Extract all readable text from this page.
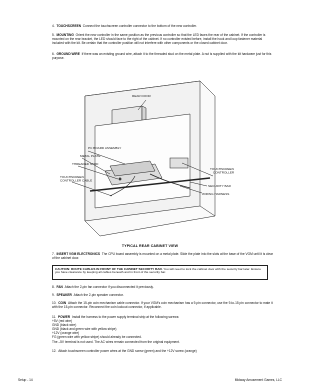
4. TOUCHSCREEN Connect the touchscreen controller connector to the bottom of the new controller.

5. MOUNTING Orient the new controller in the same position as the previous controller so that the LED faces the rear of the cabinet. If the controller is mounted on the rear bracket, the LED should face to the right of the cabinet. If no controller existed before, install the hook and loop fastener material included with the kit. Be certain that the controller position will not interfere with other components or the closed cabinet door.

6. GROUND WIRE If there was an existing ground wire, attach it to the threaded stud on the metal plate. A nut is supplied with the kit hardware just for this purpose.

REAR DOOR
PC BOARD ASSEMBLY
METAL PLATE
THREADED STUD
TOUCHSCREEN CONTROLLER CABLE
TOUCHSCREEN CONTROLLER
SECURITY BAR
WIRING HARNESS
TYPICAL REAR CABINET VIEW

7. INSERT VGM ELECTRONICS The CPU board assembly is mounted on a metal plate. Slide the plate into the slots at the base of the VGM until it is clear of the cabinet door.

CAUTION: ROUTE CABLES IN FRONT OF THE CABINET SECURITY BAR. You will need to lock the cabinet door with the security bar later. Ensure you have clearance by keeping all cables beneath and in front of the security bar.

8. FAN Attach the 2-pin fan connector if you disconnected it previously.

9. SPEAKER Attach the 2-pin speaker connector.

10. COIN Attach the 15-pin coin mechanism cable connector. If your VGM's coin mechanism has a 9-pin connector, use the 9-to-15 pin connector to mate it with the 15-pin connector. Reconnect the coin lockout connector, if applicable.

11. POWER Install the harness to the power supply terminal strip at the following screws:
+5V (red wire)
GND (black wire)
GND (black and green wire with yellow stripe)
+12V (orange wire)
FG (green wire with yellow stripe) should already be connected.
The –5V terminal is not used. The AC wires remain connected from the original equipment.

12. Attach touchscreen controller power wires at the GND screw (green) and the +12V screw (orange)

Setup - 14	Midway Amusement Games, LLC
